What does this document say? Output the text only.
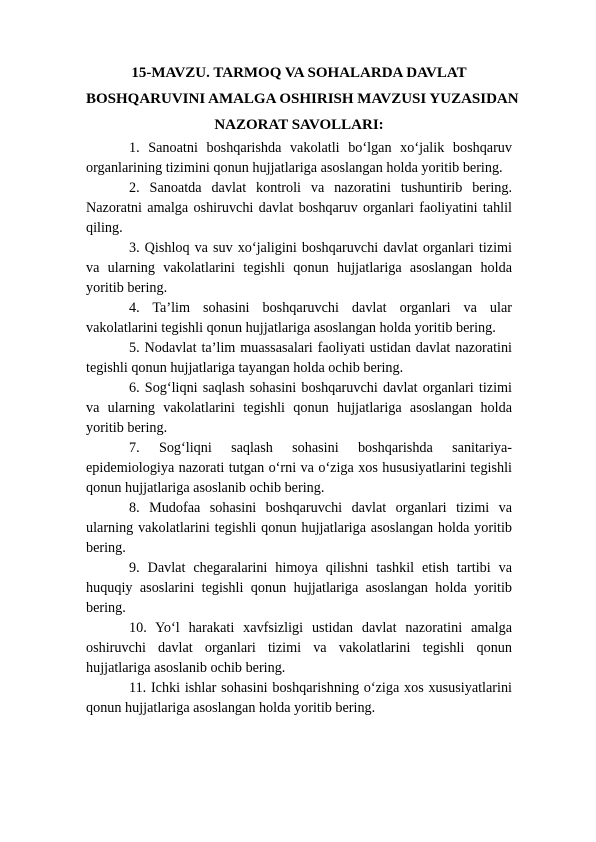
15-MAVZU. TARMOQ VA SOHALARDA DAVLAT
BOSHQARUVINI AMALGA OSHIRISH MAVZUSI YUZASIDAN
NAZORAT SAVOLLARI:

1. Sanoatni boshqarishda vakolatli bo‘lgan xo‘jalik boshqaruv organlarining tizimini qonun hujjatlariga asoslangan holda yoritib bering.

2. Sanoatda davlat kontroli va nazoratini tushuntirib bering. Nazoratni amalga oshiruvchi davlat boshqaruv organlari faoliyatini tahlil qiling.

3. Qishloq va suv xo‘jaligini boshqaruvchi davlat organlari tizimi va ularning vakolatlarini tegishli qonun hujjatlariga asoslangan holda yoritib bering.

4. Ta’lim sohasini boshqaruvchi davlat organlari va ular vakolatlarini tegishli qonun hujjatlariga asoslangan holda yoritib bering.

5. Nodavlat ta’lim muassasalari faoliyati ustidan davlat nazoratini tegishli qonun hujjatlariga tayangan holda ochib bering.

6. Sog‘liqni saqlash sohasini boshqaruvchi davlat organlari tizimi va ularning vakolatlarini tegishli qonun hujjatlariga asoslangan holda yoritib bering.

7. Sog‘liqni saqlash sohasini boshqarishda sanitariya-epidemiologiya nazorati tutgan o‘rni va o‘ziga xos hususiyatlarini tegishli qonun hujjatlariga asoslanib ochib bering.

8. Mudofaa sohasini boshqaruvchi davlat organlari tizimi va ularning vakolatlarini tegishli qonun hujjatlariga asoslangan holda yoritib bering.

9. Davlat chegaralarini himoya qilishni tashkil etish tartibi va huquqiy asoslarini tegishli qonun hujjatlariga asoslangan holda yoritib bering.

10. Yo‘l harakati xavfsizligi ustidan davlat nazoratini amalga oshiruvchi davlat organlari tizimi va vakolatlarini tegishli qonun hujjatlariga asoslanib ochib bering.

11. Ichki ishlar sohasini boshqarishning o‘ziga xos xususiyatlarini qonun hujjatlariga asoslangan holda yoritib bering.
